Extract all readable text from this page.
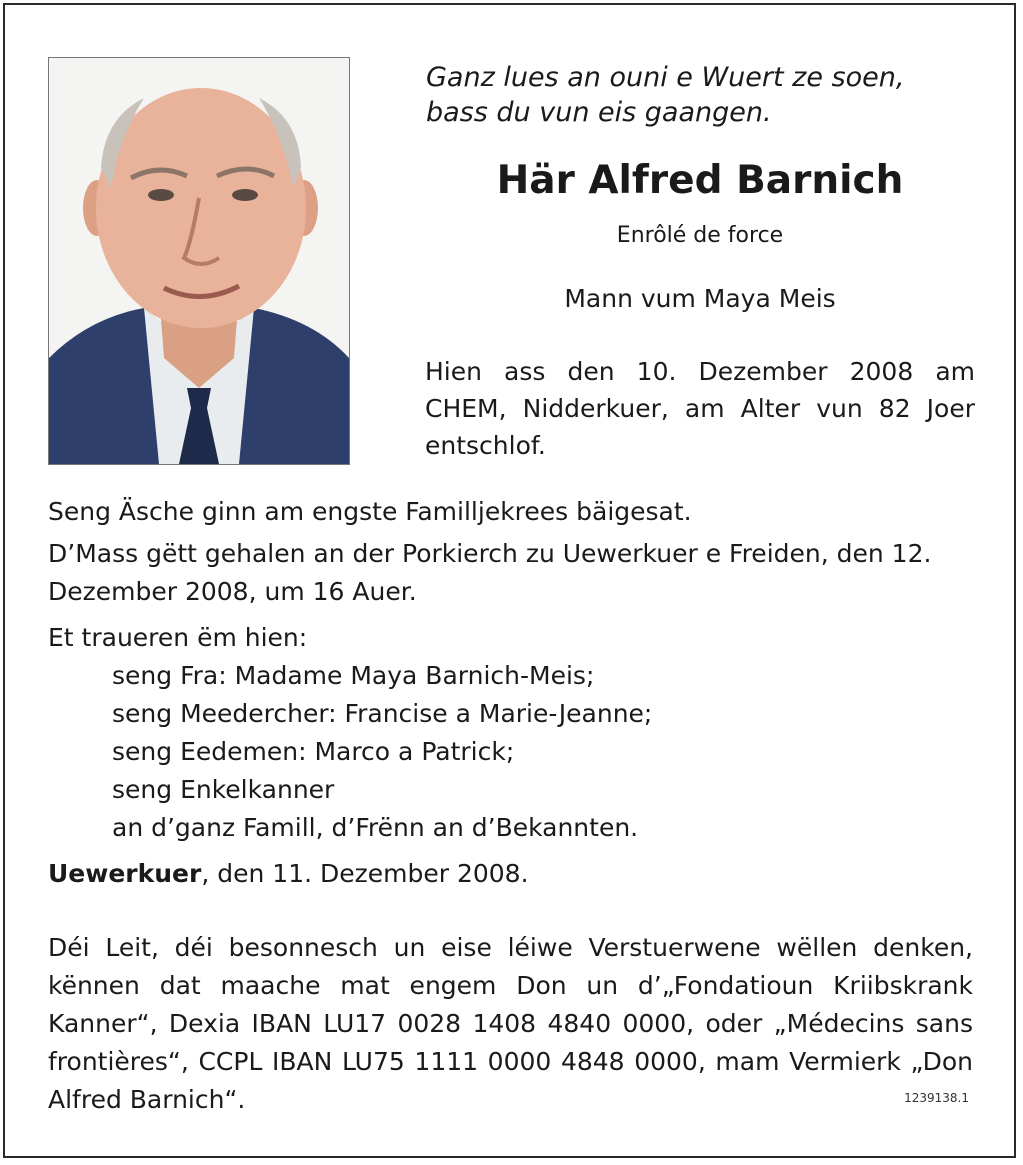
Ganz lues an ouni e Wuert ze soen,
bass du vun eis gaangen.
Här Alfred Barnich
Enrôlé de force
Mann vum Maya Meis
Hien ass den 10. Dezember 2008 am CHEM, Nidderkuer, am Alter vun 82 Joer entschlof.

Seng Äsche ginn am engste Familljekrees bäigesat.

D’Mass gëtt gehalen an der Porkierch zu Uewerkuer e Freiden, den 12. Dezember 2008, um 16 Auer.

Et traueren ëm hien:

seng Fra: Madame Maya Barnich-Meis;
seng Meedercher: Francise a Marie-Jeanne;
seng Eedemen: Marco a Patrick;
seng Enkelkanner
an d’ganz Famill, d’Frënn an d’Bekannten.

Uewerkuer, den 11. Dezember 2008.

Déi Leit, déi besonnesch un eise léiwe Verstuerwene wëllen denken, kënnen dat maache mat engem Don un d’„Fondatioun Kriibskrank Kanner“, Dexia IBAN LU17 0028 1408 4840 0000, oder „Médecins sans frontières“, CCPL IBAN LU75 1111 0000 4848 0000, mam Vermierk „Don Alfred Barnich“.	1239138.1
